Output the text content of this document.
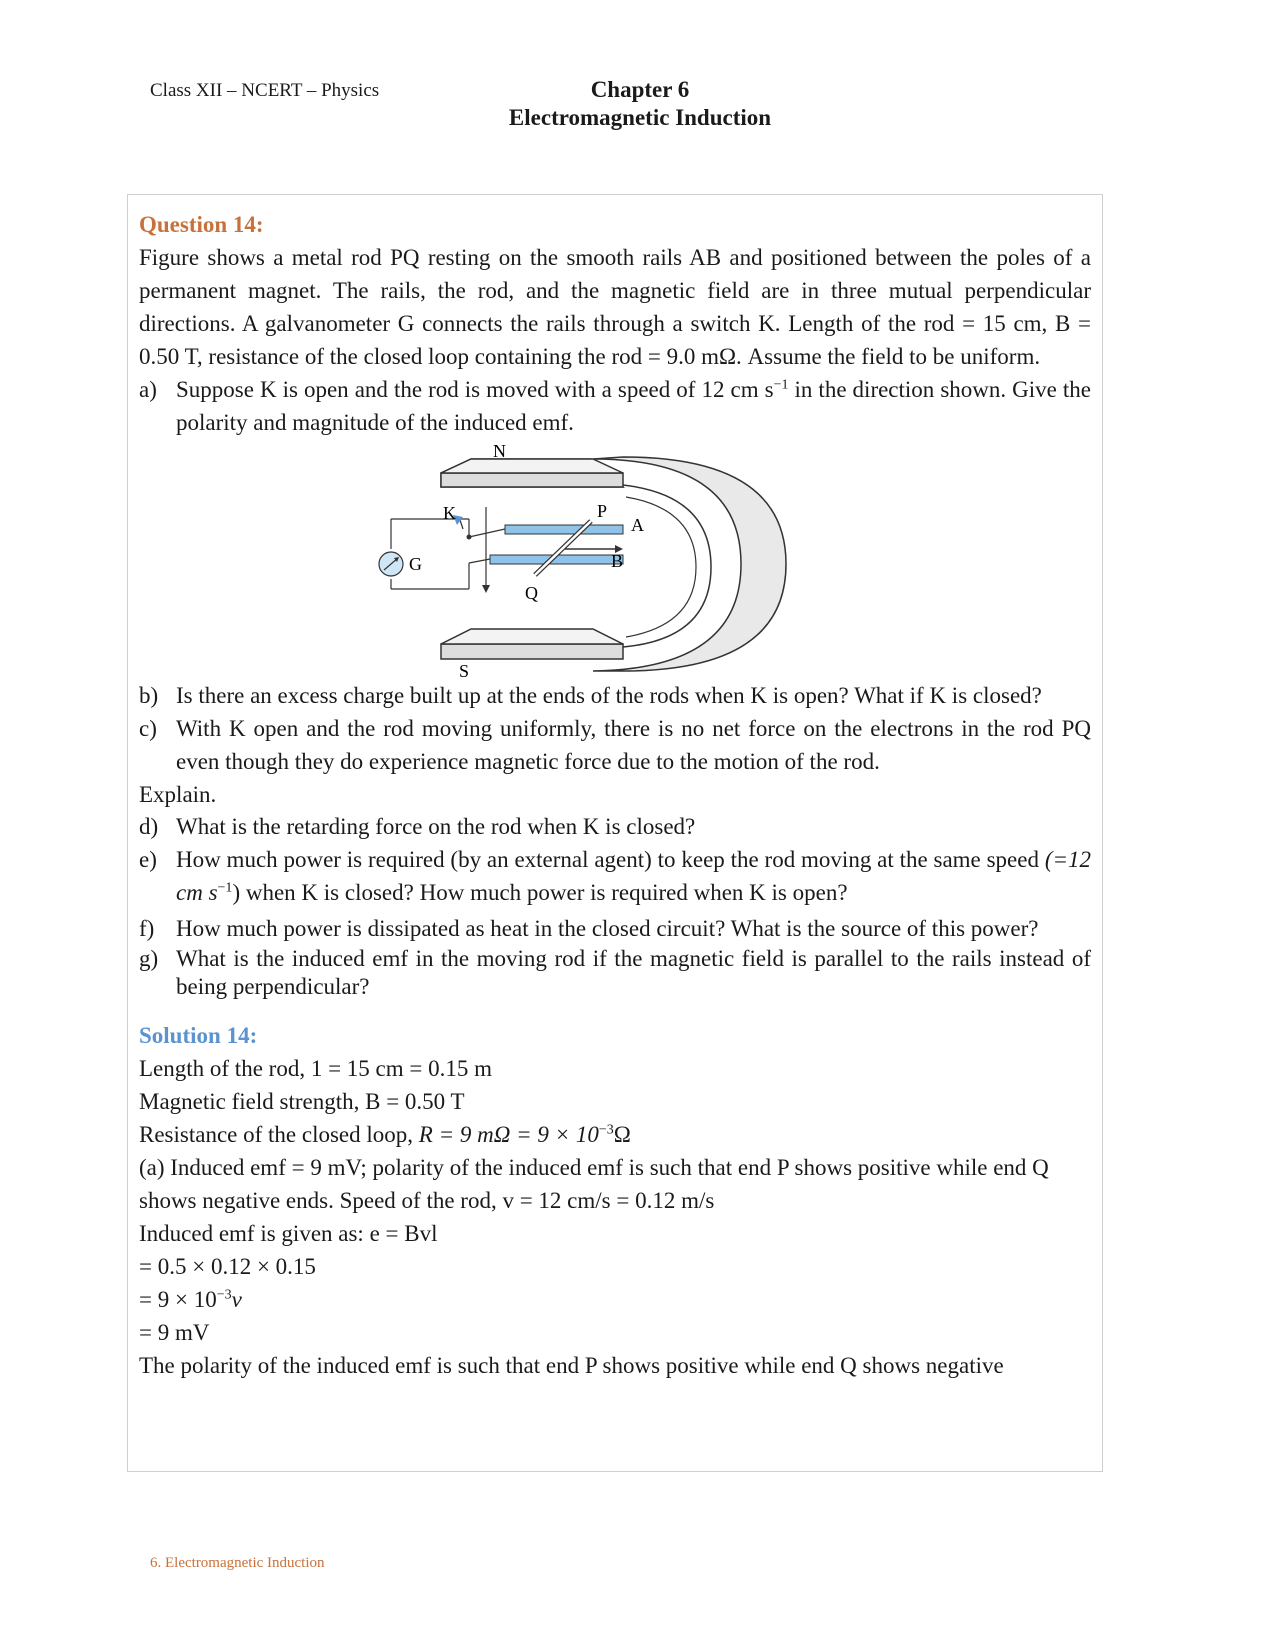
Class XII – NCERT – Physics	Chapter 6
Electromagnetic Induction
Question 14:
Figure shows a metal rod PQ resting on the smooth rails AB and positioned between the poles of a permanent magnet. The rails, the rod, and the magnetic field are in three mutual perpendicular directions. A galvanometer G connects the rails through a switch K. Length of the rod = 15 cm, B = 0.50 T, resistance of the closed loop containing the rod = 9.0 mΩ. Assume the field to be uniform.
a) Suppose K is open and the rod is moved with a speed of 12 cm $s^{-1}$ in the direction shown. Give the polarity and magnitude of the induced emf.
N
S
K
G
P
Q
A
B
b) Is there an excess charge built up at the ends of the rods when K is open? What if K is closed?
c) With K open and the rod moving uniformly, there is no net force on the electrons in the rod PQ even though they do experience magnetic force due to the motion of the rod.
Explain.
d) What is the retarding force on the rod when K is closed?
e) How much power is required (by an external agent) to keep the rod moving at the same speed (=12 cm $s^{-1}$) when K is closed? How much power is required when K is open?
f) How much power is dissipated as heat in the closed circuit? What is the source of this power?
g) What is the induced emf in the moving rod if the magnetic field is parallel to the rails instead of being perpendicular?
Solution 14:
Length of the rod, 1 = 15 cm = 0.15 m
Magnetic field strength, B = 0.50 T
Resistance of the closed loop, R = 9 $m\Omega = 9 \times 10^{-3}\Omega$
(a) Induced emf = 9 mV; polarity of the induced emf is such that end P shows positive while end Q shows negative ends. Speed of the rod, v = 12 cm/s = 0.12 m/s
Induced emf is given as: e = Bvl
= 0.5 × 0.12 × 0.15
= $9 \times 10^{-3}v$
= 9 mV
The polarity of the induced emf is such that end P shows positive while end Q shows negative
6. Electromagnetic Induction
